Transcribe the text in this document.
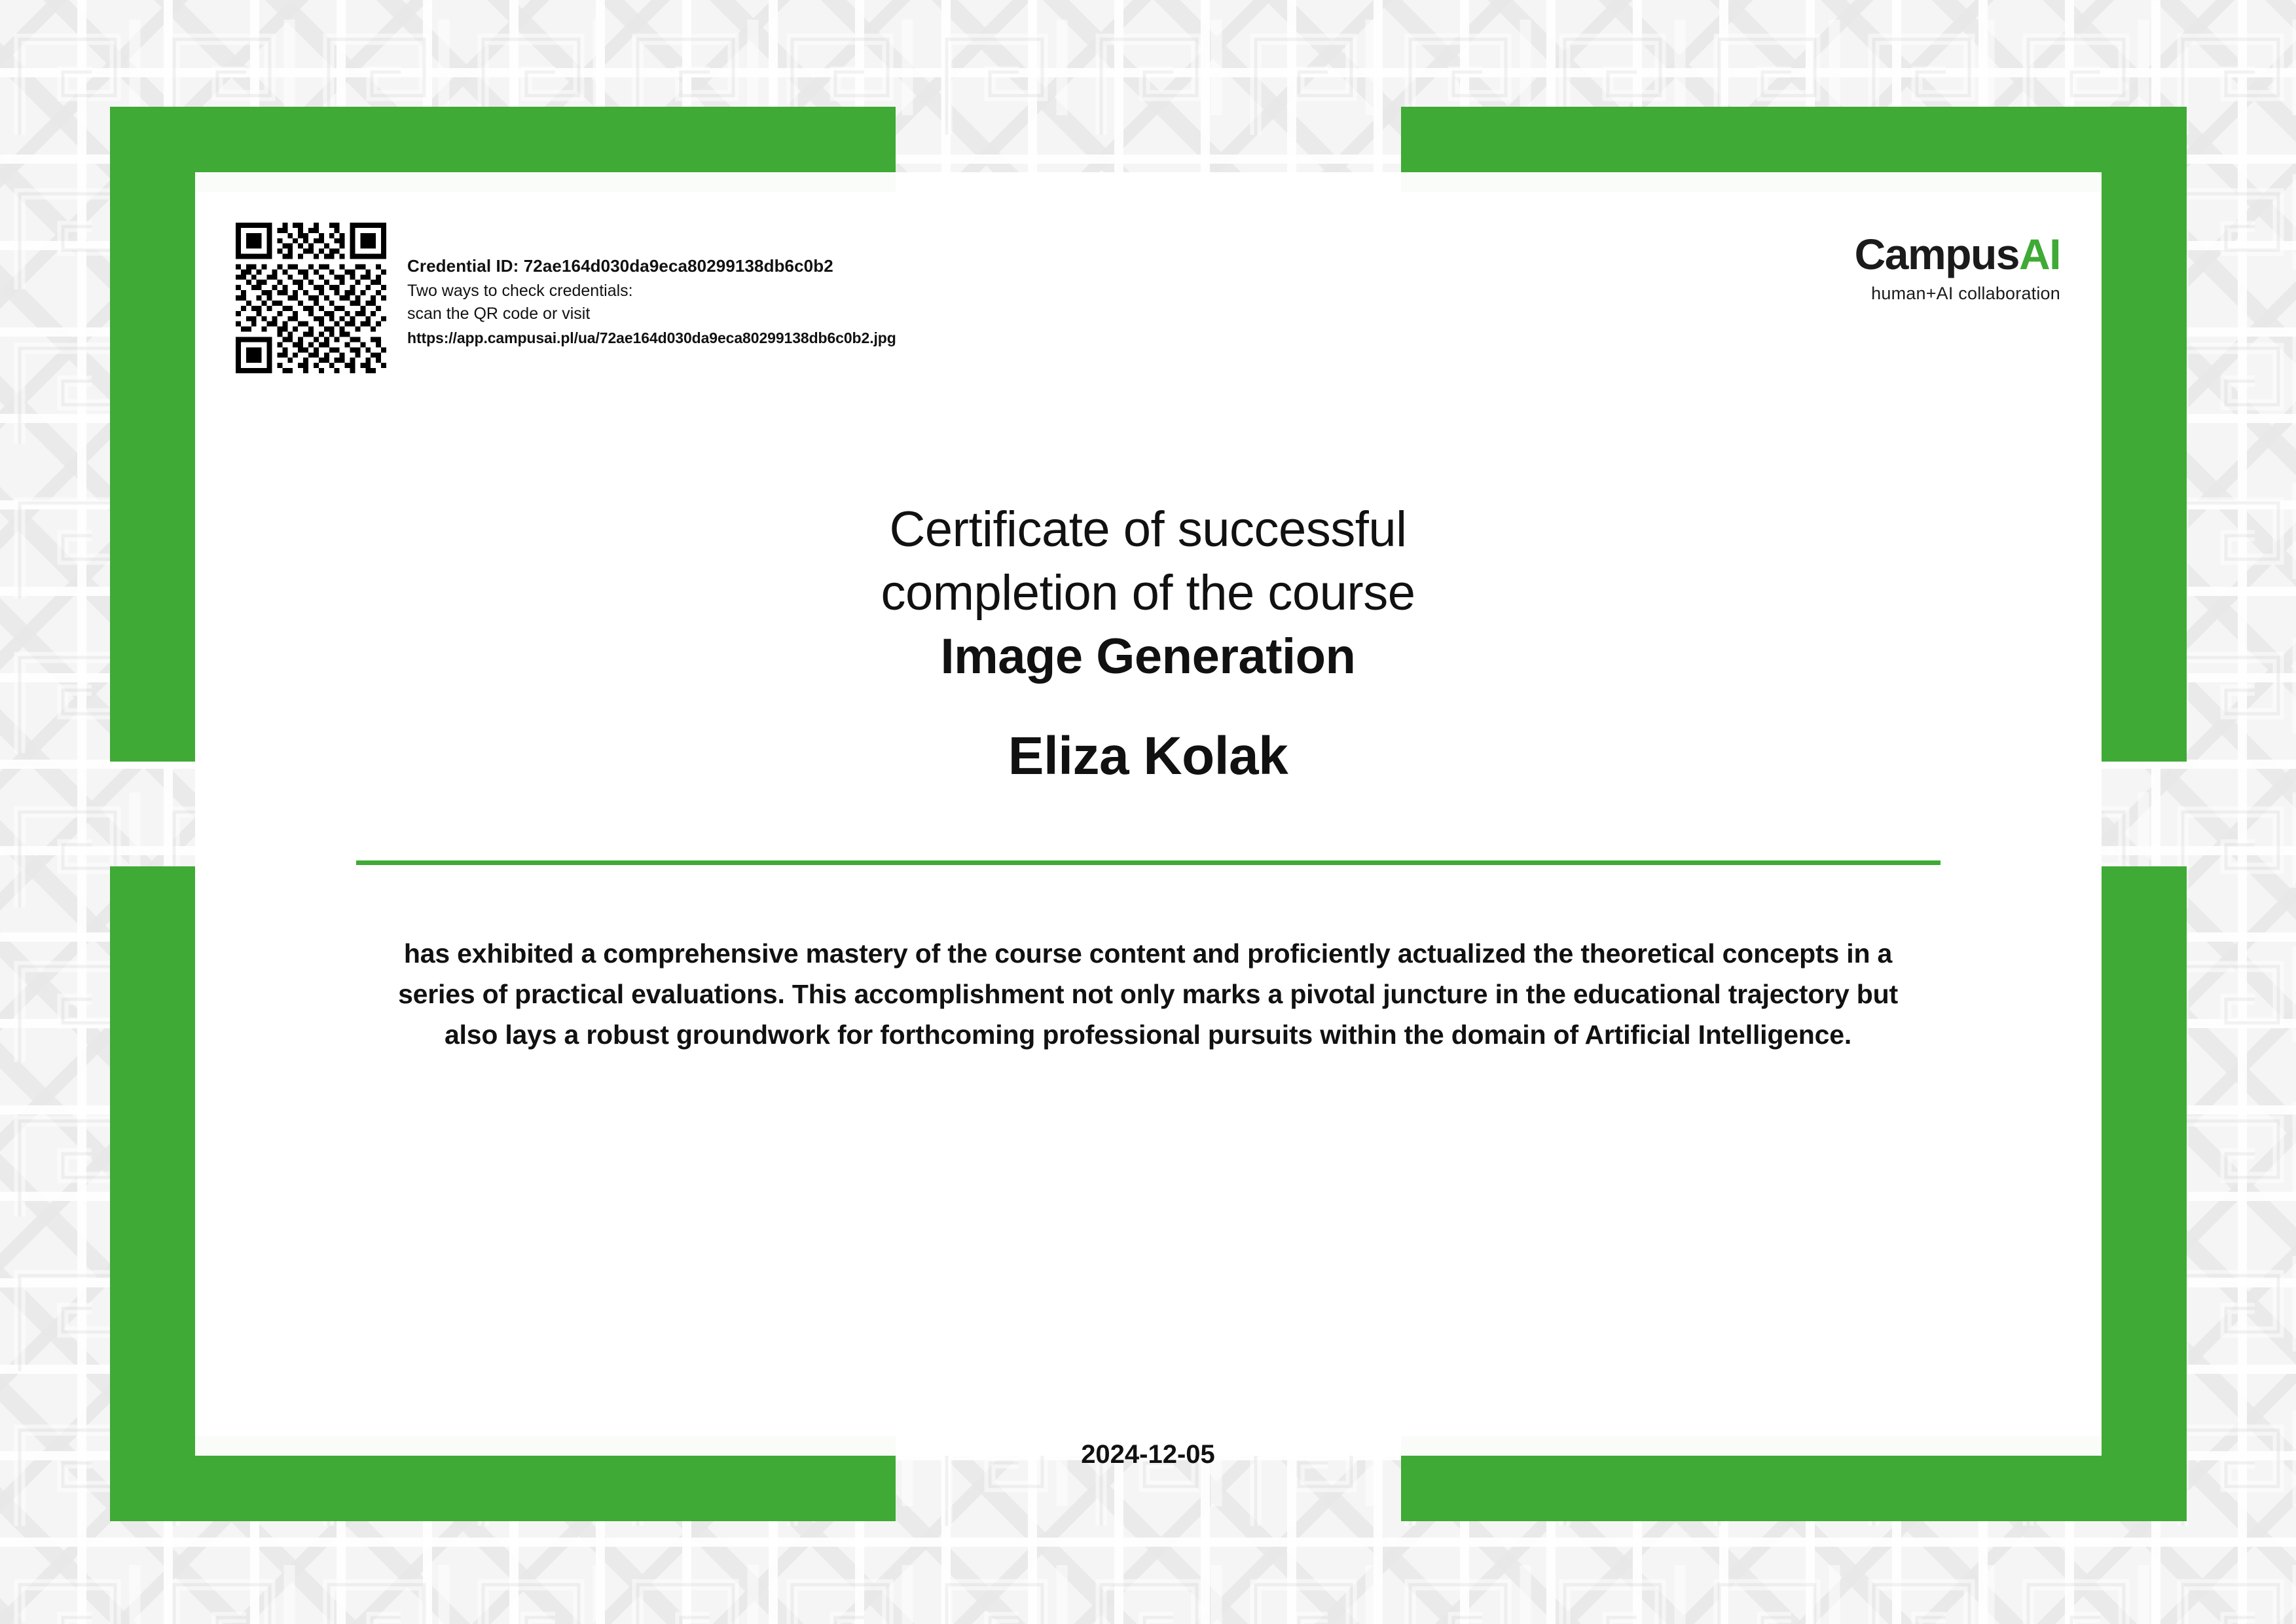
Credential ID: 72ae164d030da9eca80299138db6c0b2
Two ways to check credentials:
scan the QR code or visit
https://app.campusai.pl/ua/72ae164d030da9eca80299138db6c0b2.jpg
CampusAI
human+AI collaboration
Certificate of successful
completion of the course
Image Generation
Eliza Kolak
has exhibited a comprehensive mastery of the course content and proficiently actualized the theoretical concepts in a series of practical evaluations. This accomplishment not only marks a pivotal juncture in the educational trajectory but also lays a robust groundwork for forthcoming professional pursuits within the domain of Artificial Intelligence.
2024-12-05
